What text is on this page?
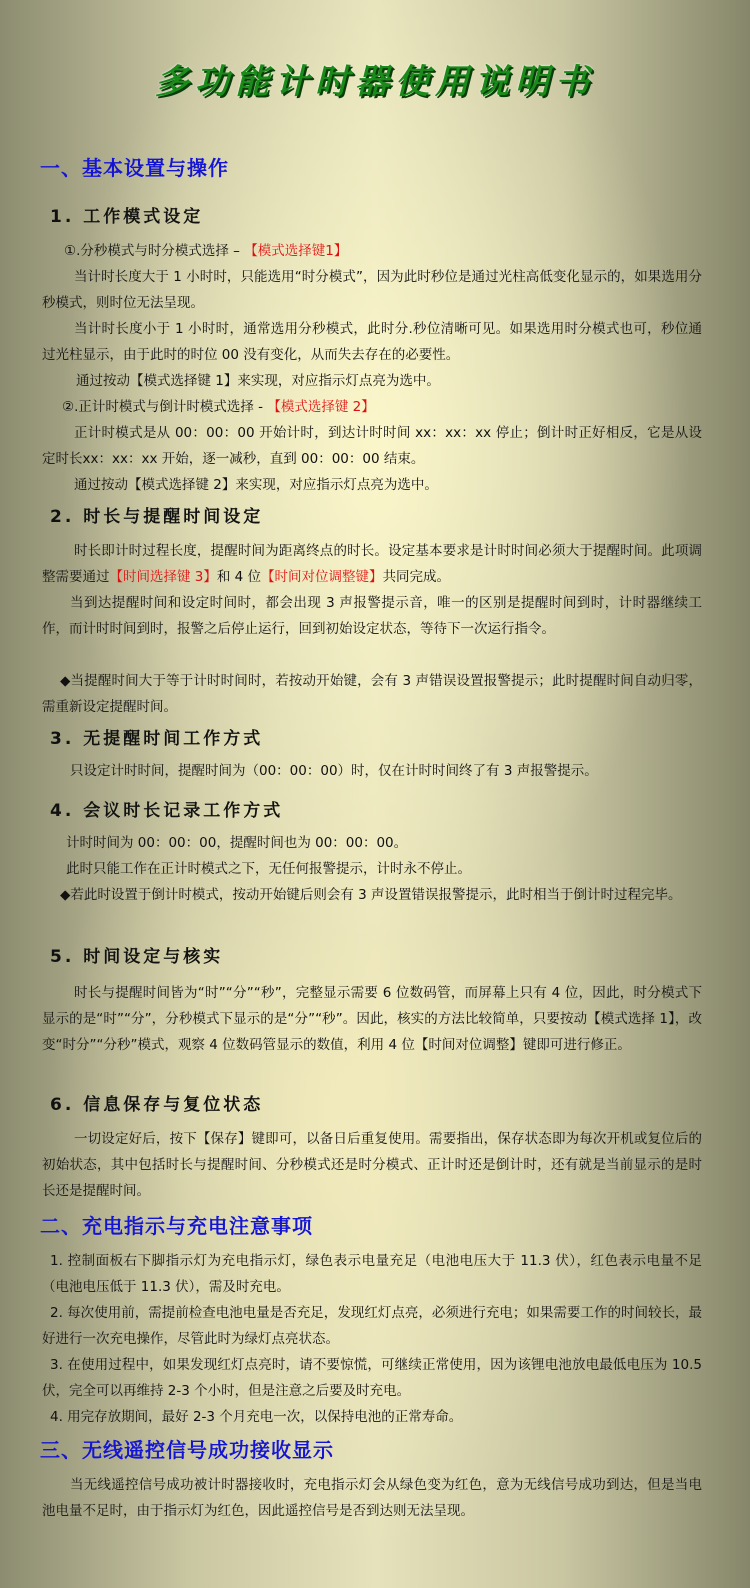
多功能计时器使用说明书
一、基本设置与操作
1. 工作模式设定
①.分秒模式与时分模式选择 – 【模式选择键1】
当计时长度大于 1 小时时，只能选用“时分模式”，因为此时秒位是通过光柱高低变化显示的，如果选用分秒模式，则时位无法呈现。
当计时长度小于 1 小时时，通常选用分秒模式，此时分.秒位清晰可见。如果选用时分模式也可，秒位通过光柱显示，由于此时的时位 00 没有变化，从而失去存在的必要性。
通过按动【模式选择键 1】来实现，对应指示灯点亮为选中。
②.正计时模式与倒计时模式选择 - 【模式选择键 2】
正计时模式是从 00：00：00 开始计时，到达计时时间 xx：xx：xx 停止；倒计时正好相反，它是从设定时长xx：xx：xx 开始，逐一减秒，直到 00：00：00 结束。
通过按动【模式选择键 2】来实现，对应指示灯点亮为选中。
2. 时长与提醒时间设定
时长即计时过程长度，提醒时间为距离终点的时长。设定基本要求是计时时间必须大于提醒时间。此项调整需要通过【时间选择键 3】和 4 位【时间对位调整键】共同完成。
当到达提醒时间和设定时间时，都会出现 3 声报警提示音，唯一的区别是提醒时间到时，计时器继续工作，而计时时间到时，报警之后停止运行，回到初始设定状态，等待下一次运行指令。
◆当提醒时间大于等于计时时间时，若按动开始键，会有 3 声错误设置报警提示；此时提醒时间自动归零，需重新设定提醒时间。
3. 无提醒时间工作方式
只设定计时时间，提醒时间为（00：00：00）时，仅在计时时间终了有 3 声报警提示。
4. 会议时长记录工作方式
计时时间为 00：00：00，提醒时间也为 00：00：00。
此时只能工作在正计时模式之下，无任何报警提示，计时永不停止。
◆若此时设置于倒计时模式，按动开始键后则会有 3 声设置错误报警提示，此时相当于倒计时过程完毕。
5. 时间设定与核实
时长与提醒时间皆为“时”“分”“秒”，完整显示需要 6 位数码管，而屏幕上只有 4 位，因此，时分模式下显示的是“时”“分”，分秒模式下显示的是“分”“秒”。因此，核实的方法比较简单，只要按动【模式选择 1】，改变“时分”“分秒”模式，观察 4 位数码管显示的数值，利用 4 位【时间对位调整】键即可进行修正。
6. 信息保存与复位状态
一切设定好后，按下【保存】键即可，以备日后重复使用。需要指出，保存状态即为每次开机或复位后的初始状态，其中包括时长与提醒时间、分秒模式还是时分模式、正计时还是倒计时，还有就是当前显示的是时长还是提醒时间。
二、充电指示与充电注意事项
1. 控制面板右下脚指示灯为充电指示灯，绿色表示电量充足（电池电压大于 11.3 伏），红色表示电量不足（电池电压低于 11.3 伏），需及时充电。
2. 每次使用前，需提前检查电池电量是否充足，发现红灯点亮，必须进行充电；如果需要工作的时间较长，最好进行一次充电操作，尽管此时为绿灯点亮状态。
3. 在使用过程中，如果发现红灯点亮时，请不要惊慌，可继续正常使用，因为该锂电池放电最低电压为 10.5 伏，完全可以再维持 2-3 个小时，但是注意之后要及时充电。
4. 用完存放期间，最好 2-3 个月充电一次，以保持电池的正常寿命。
三、无线遥控信号成功接收显示
当无线遥控信号成功被计时器接收时，充电指示灯会从绿色变为红色，意为无线信号成功到达，但是当电池电量不足时，由于指示灯为红色，因此遥控信号是否到达则无法呈现。
